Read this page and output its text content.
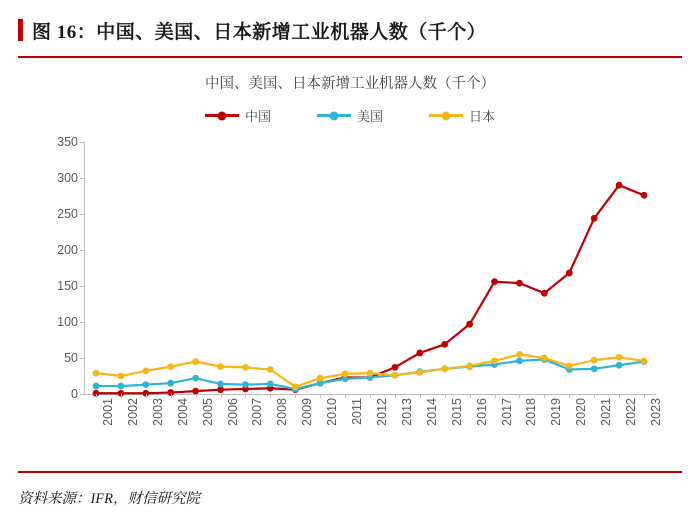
图 16：中国、美国、日本新增工业机器人数（千个）
中国、美国、日本新增工业机器人数（千个）
中国	美国	日本
2001 2002 2003 2004 2005 2006 2007 2008 2009 2010 2011 2012 2013 2014 2015 2016 2017 2018 2019 2020 2021 2022 2023
0
50
100
150
200
250
300
350
资料来源：IFR，财信研究院
